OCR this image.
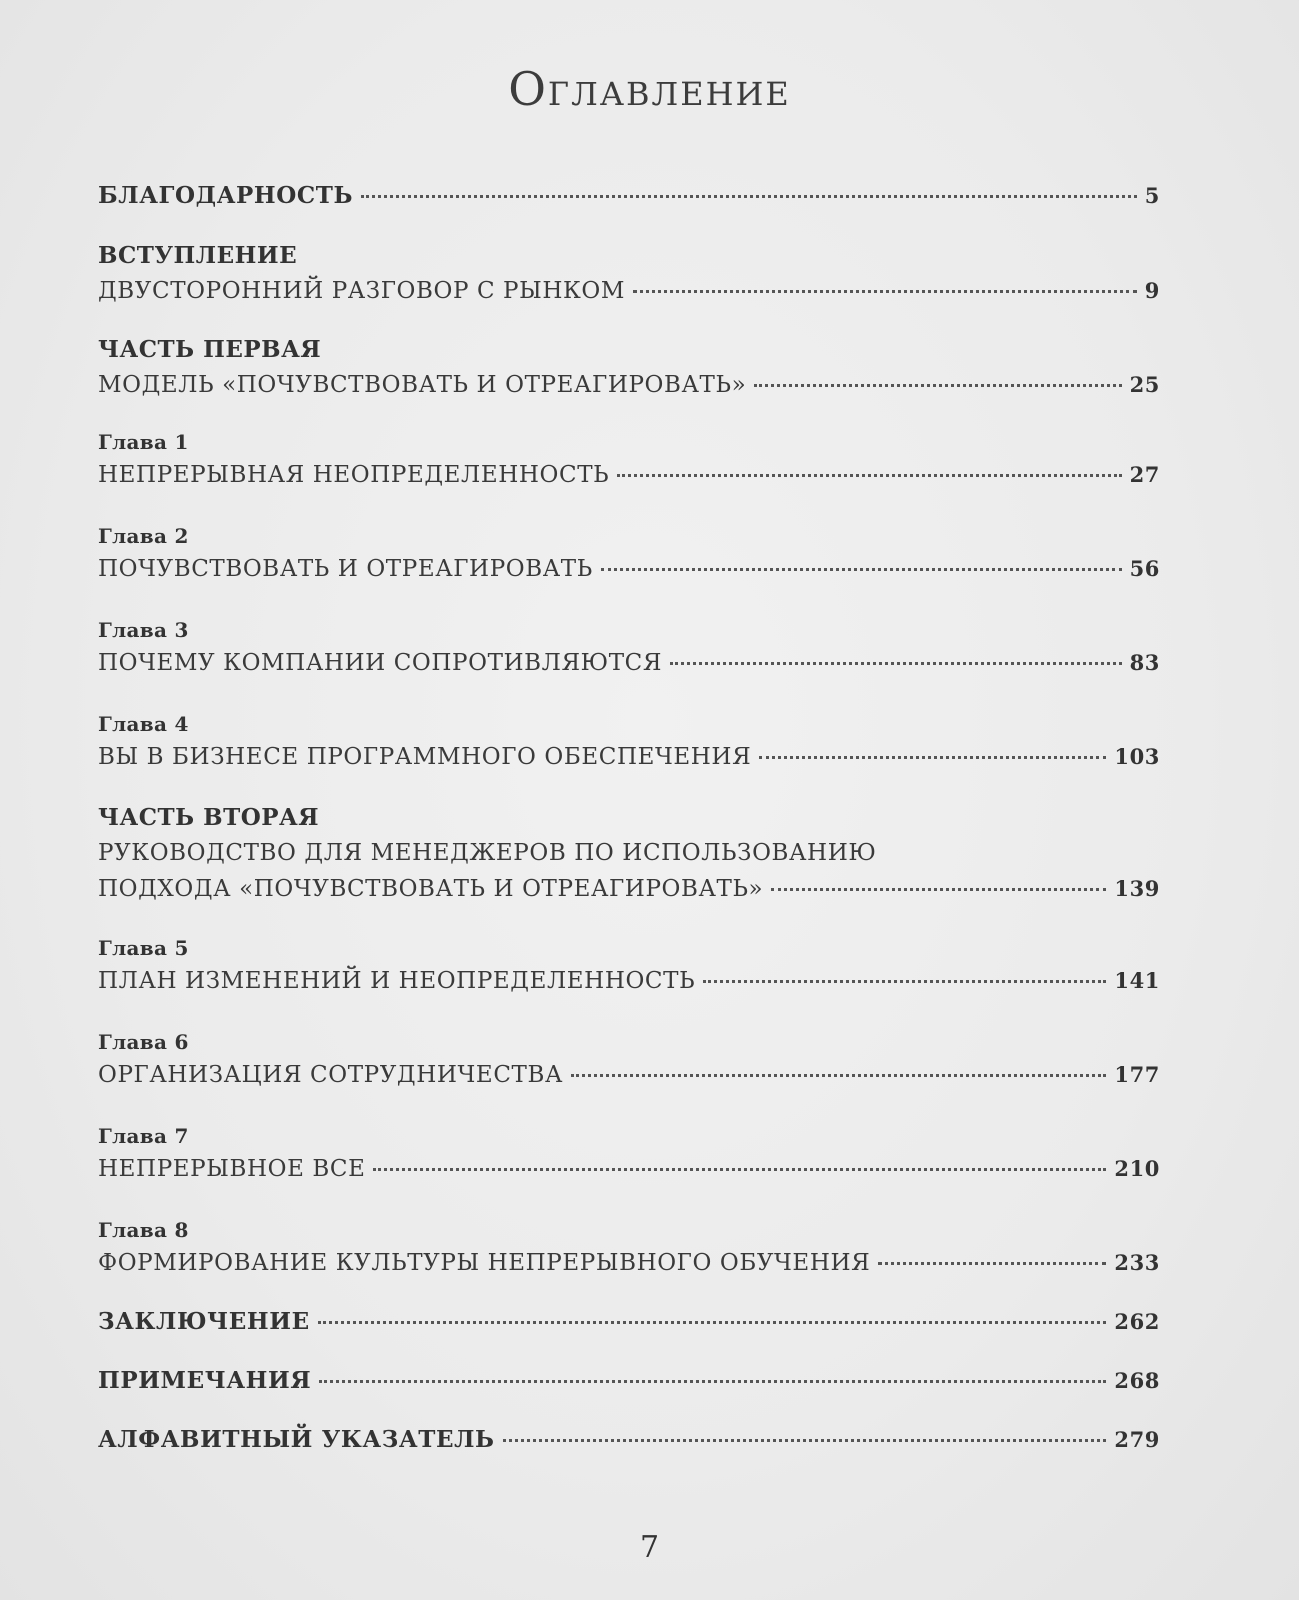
Оглавление
БЛАГОДАРНОСТЬ	5
ВСТУПЛЕНИЕ
ДВУСТОРОННИЙ РАЗГОВОР С РЫНКОМ	9
ЧАСТЬ ПЕРВАЯ
МОДЕЛЬ «ПОЧУВСТВОВАТЬ И ОТРЕАГИРОВАТЬ»	25
Глава 1
НЕПРЕРЫВНАЯ НЕОПРЕДЕЛЕННОСТЬ	27
Глава 2
ПОЧУВСТВОВАТЬ И ОТРЕАГИРОВАТЬ	56
Глава 3
ПОЧЕМУ КОМПАНИИ СОПРОТИВЛЯЮТСЯ	83
Глава 4
ВЫ В БИЗНЕСЕ ПРОГРАММНОГО ОБЕСПЕЧЕНИЯ	103
ЧАСТЬ ВТОРАЯ
РУКОВОДСТВО ДЛЯ МЕНЕДЖЕРОВ ПО ИСПОЛЬЗОВАНИЮ
ПОДХОДА «ПОЧУВСТВОВАТЬ И ОТРЕАГИРОВАТЬ»	139
Глава 5
ПЛАН ИЗМЕНЕНИЙ И НЕОПРЕДЕЛЕННОСТЬ	141
Глава 6
ОРГАНИЗАЦИЯ СОТРУДНИЧЕСТВА	177
Глава 7
НЕПРЕРЫВНОЕ ВСЕ	210
Глава 8
ФОРМИРОВАНИЕ КУЛЬТУРЫ НЕПРЕРЫВНОГО ОБУЧЕНИЯ	233
ЗАКЛЮЧЕНИЕ	262
ПРИМЕЧАНИЯ	268
АЛФАВИТНЫЙ УКАЗАТЕЛЬ	279
7
